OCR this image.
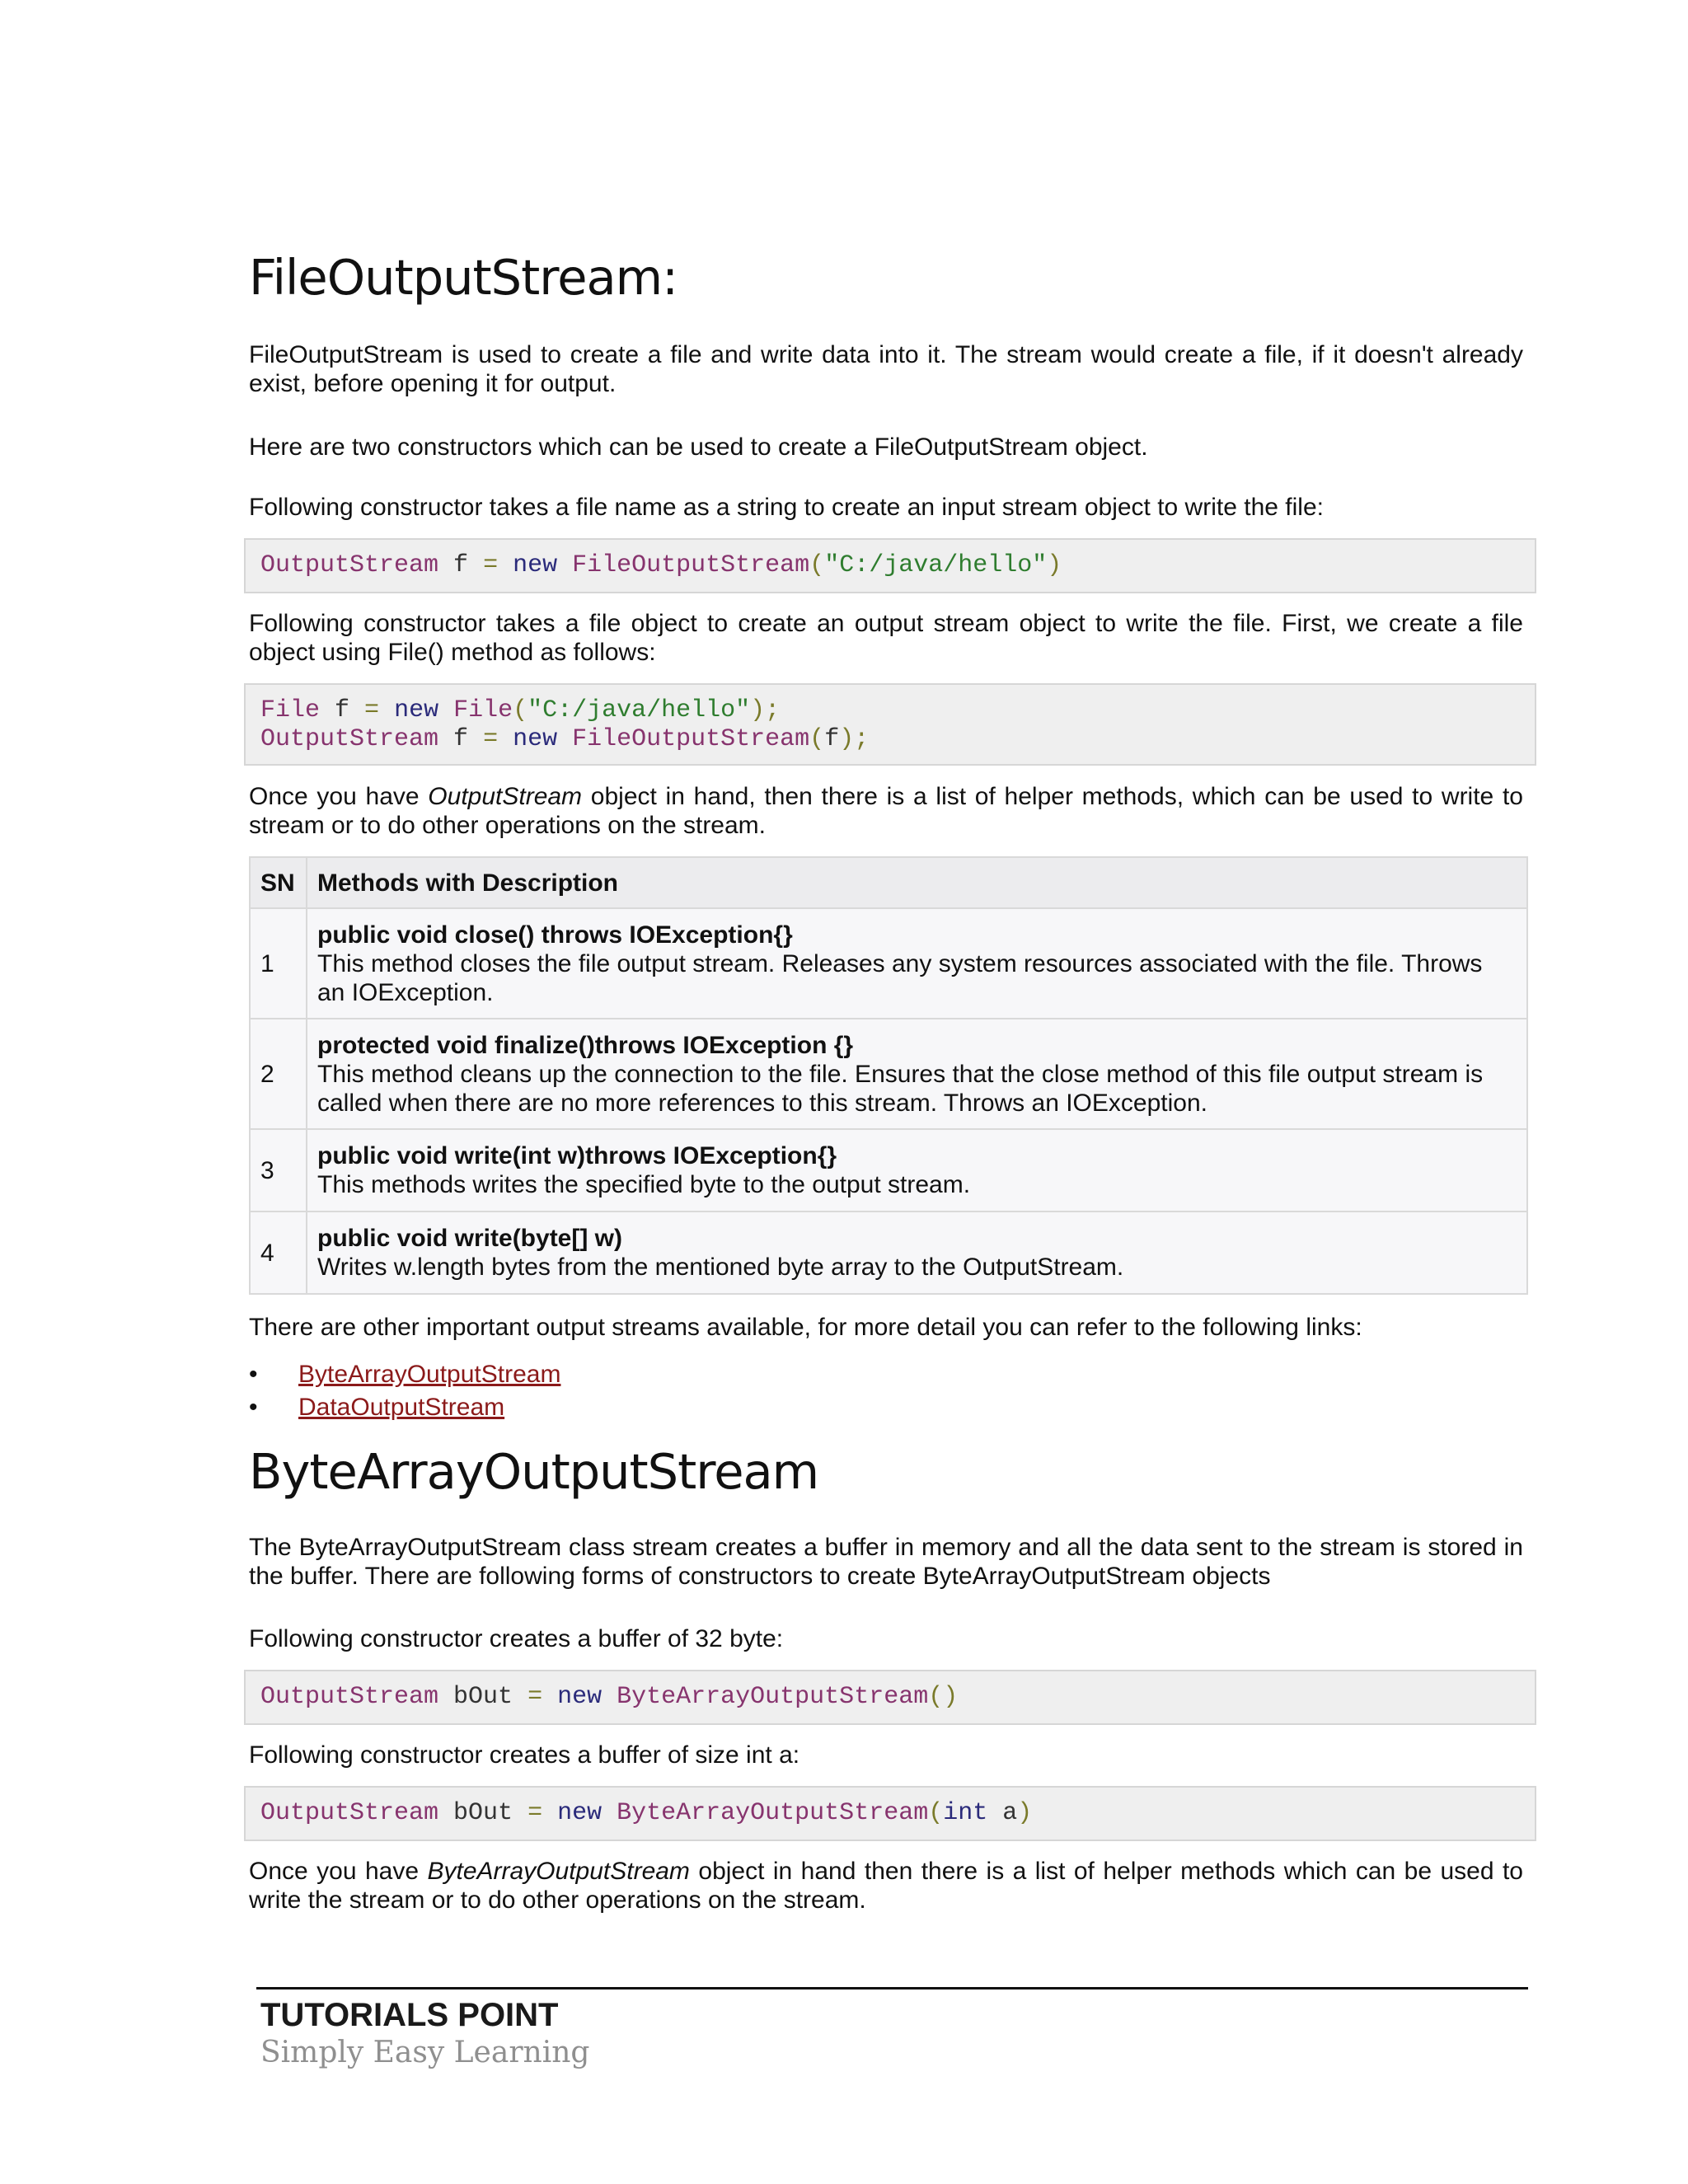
FileOutputStream:

FileOutputStream is used to create a file and write data into it. The stream would create a file, if it doesn't already exist, before opening it for output.

Here are two constructors which can be used to create a FileOutputStream object.

Following constructor takes a file name as a string to create an input stream object to write the file:

OutputStream f = new FileOutputStream("C:/java/hello")

Following constructor takes a file object to create an output stream object to write the file. First, we create a file object using File() method as follows:

File f = new File("C:/java/hello");
OutputStream f = new FileOutputStream(f);

Once you have OutputStream object in hand, then there is a list of helper methods, which can be used to write to stream or to do other operations on the stream.

SN	Methods with Description
1	public void close() throws IOException{}
This method closes the file output stream. Releases any system resources associated with the file. Throws an IOException.
2	protected void finalize()throws IOException {}
This method cleans up the connection to the file. Ensures that the close method of this file output stream is called when there are no more references to this stream. Throws an IOException.
3	public void write(int w)throws IOException{}
This methods writes the specified byte to the output stream.
4	public void write(byte[] w)
Writes w.length bytes from the mentioned byte array to the OutputStream.

There are other important output streams available, for more detail you can refer to the following links:

•	ByteArrayOutputStream
•	DataOutputStream
ByteArrayOutputStream

The ByteArrayOutputStream class stream creates a buffer in memory and all the data sent to the stream is stored in the buffer. There are following forms of constructors to create ByteArrayOutputStream objects

Following constructor creates a buffer of 32 byte:

OutputStream bOut = new ByteArrayOutputStream()

Following constructor creates a buffer of size int a:

OutputStream bOut = new ByteArrayOutputStream(int a)

Once you have ByteArrayOutputStream object in hand then there is a list of helper methods which can be used to write the stream or to do other operations on the stream.

TUTORIALS POINT
Simply Easy Learning
